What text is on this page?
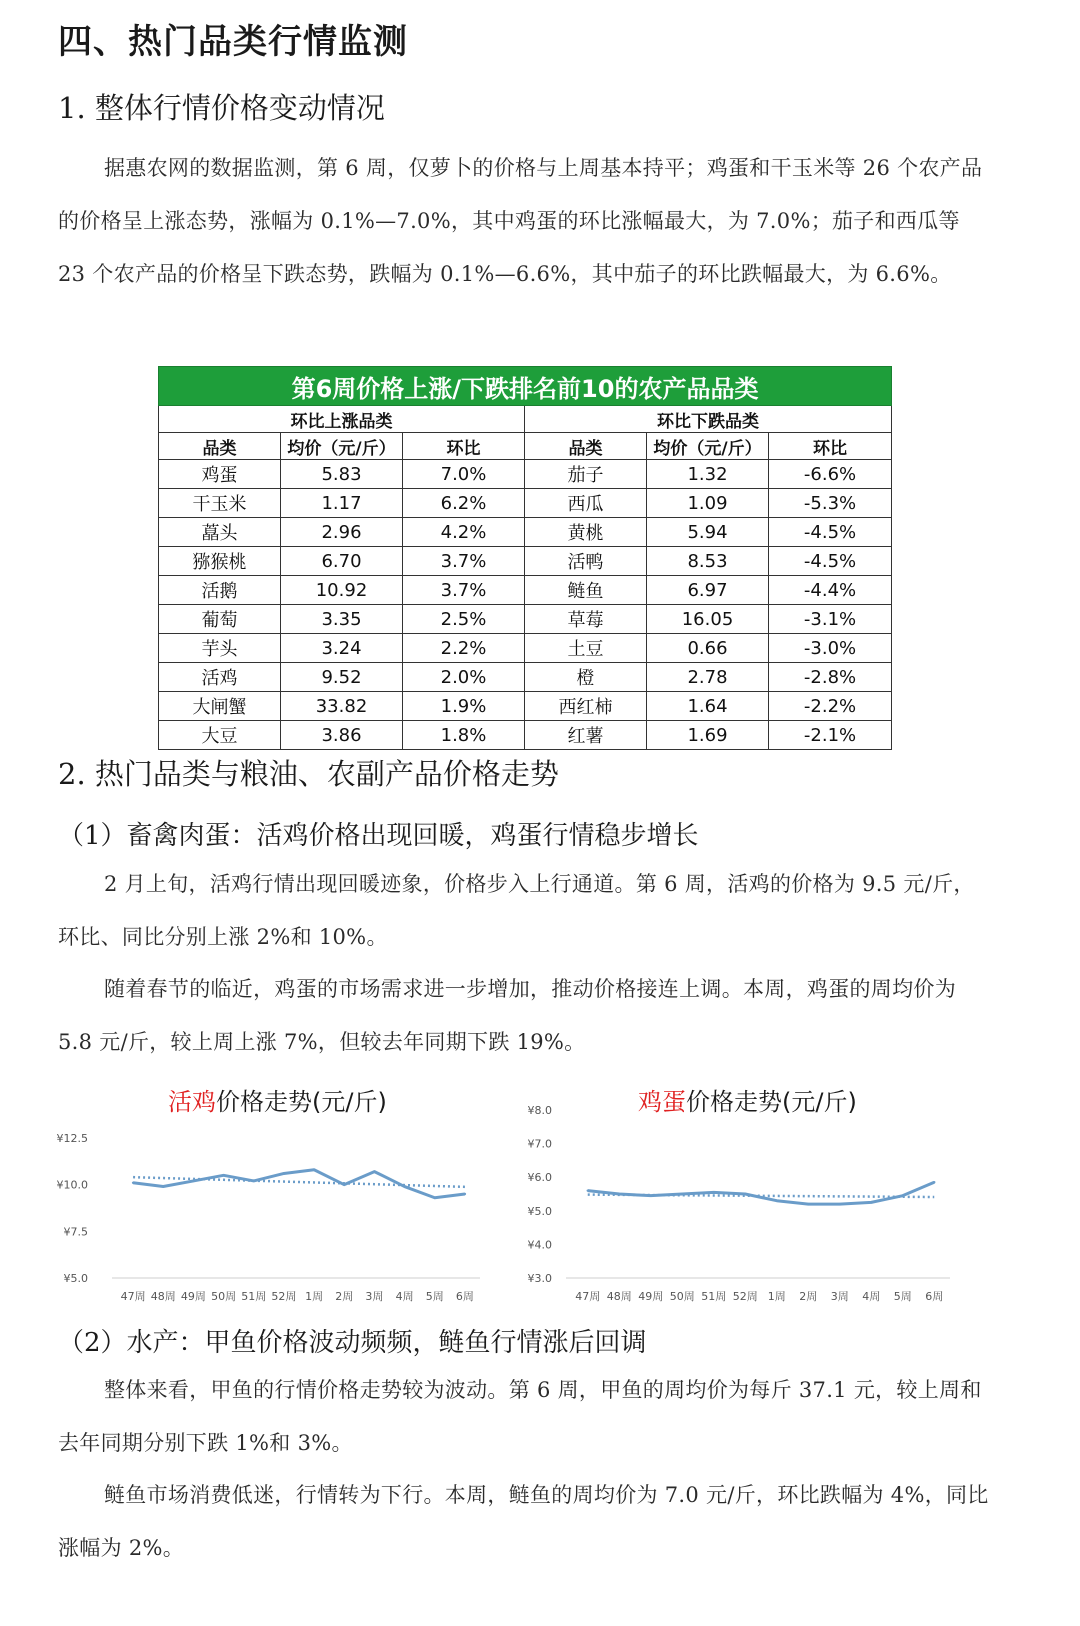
四、热门品类行情监测
1. 整体行情价格变动情况

据惠农网的数据监测，第 6 周，仅萝卜的价格与上周基本持平；鸡蛋和干玉米等 26 个农产品的价格呈上涨态势，涨幅为 0.1%—7.0%，其中鸡蛋的环比涨幅最大，为 7.0%；茄子和西瓜等 23 个农产品的价格呈下跌态势，跌幅为 0.1%—6.6%，其中茄子的环比跌幅最大，为 6.6%。

第6周价格上涨/下跌排名前10的农产品品类					
环比上涨品类			环比下跌品类		
品类	均价（元/斤）	环比	品类	均价（元/斤）	环比
鸡蛋	5.83	7.0%	茄子	1.32	-6.6%
干玉米	1.17	6.2%	西瓜	1.09	-5.3%
藠头	2.96	4.2%	黄桃	5.94	-4.5%
猕猴桃	6.70	3.7%	活鸭	8.53	-4.5%
活鹅	10.92	3.7%	鲢鱼	6.97	-4.4%
葡萄	3.35	2.5%	草莓	16.05	-3.1%
芋头	3.24	2.2%	土豆	0.66	-3.0%
活鸡	9.52	2.0%	橙	2.78	-2.8%
大闸蟹	33.82	1.9%	西红柿	1.64	-2.2%
大豆	3.86	1.8%	红薯	1.69	-2.1%
2. 热门品类与粮油、农副产品价格走势
（1）畜禽肉蛋：活鸡价格出现回暖，鸡蛋行情稳步增长

2 月上旬，活鸡行情出现回暖迹象，价格步入上行通道。第 6 周，活鸡的价格为 9.5 元/斤，环比、同比分别上涨 2%和 10%。

随着春节的临近，鸡蛋的市场需求进一步增加，推动价格接连上调。本周，鸡蛋的周均价为 5.8 元/斤，较上周上涨 7%，但较去年同期下跌 19%。

活鸡价格走势(元/斤)
¥12.5
¥10.0
¥7.5
¥5.0
47周 48周 49周 50周 51周 52周 1周 2周 3周 4周 5周 6周
鸡蛋价格走势(元/斤)
¥8.0
¥7.0
¥6.0
¥5.0
¥4.0
¥3.0
47周 48周 49周 50周 51周 52周 1周 2周 3周 4周 5周 6周
（2）水产：甲鱼价格波动频频，鲢鱼行情涨后回调

整体来看，甲鱼的行情价格走势较为波动。第 6 周，甲鱼的周均价为每斤 37.1 元，较上周和去年同期分别下跌 1%和 3%。

鲢鱼市场消费低迷，行情转为下行。本周，鲢鱼的周均价为 7.0 元/斤，环比跌幅为 4%，同比涨幅为 2%。
